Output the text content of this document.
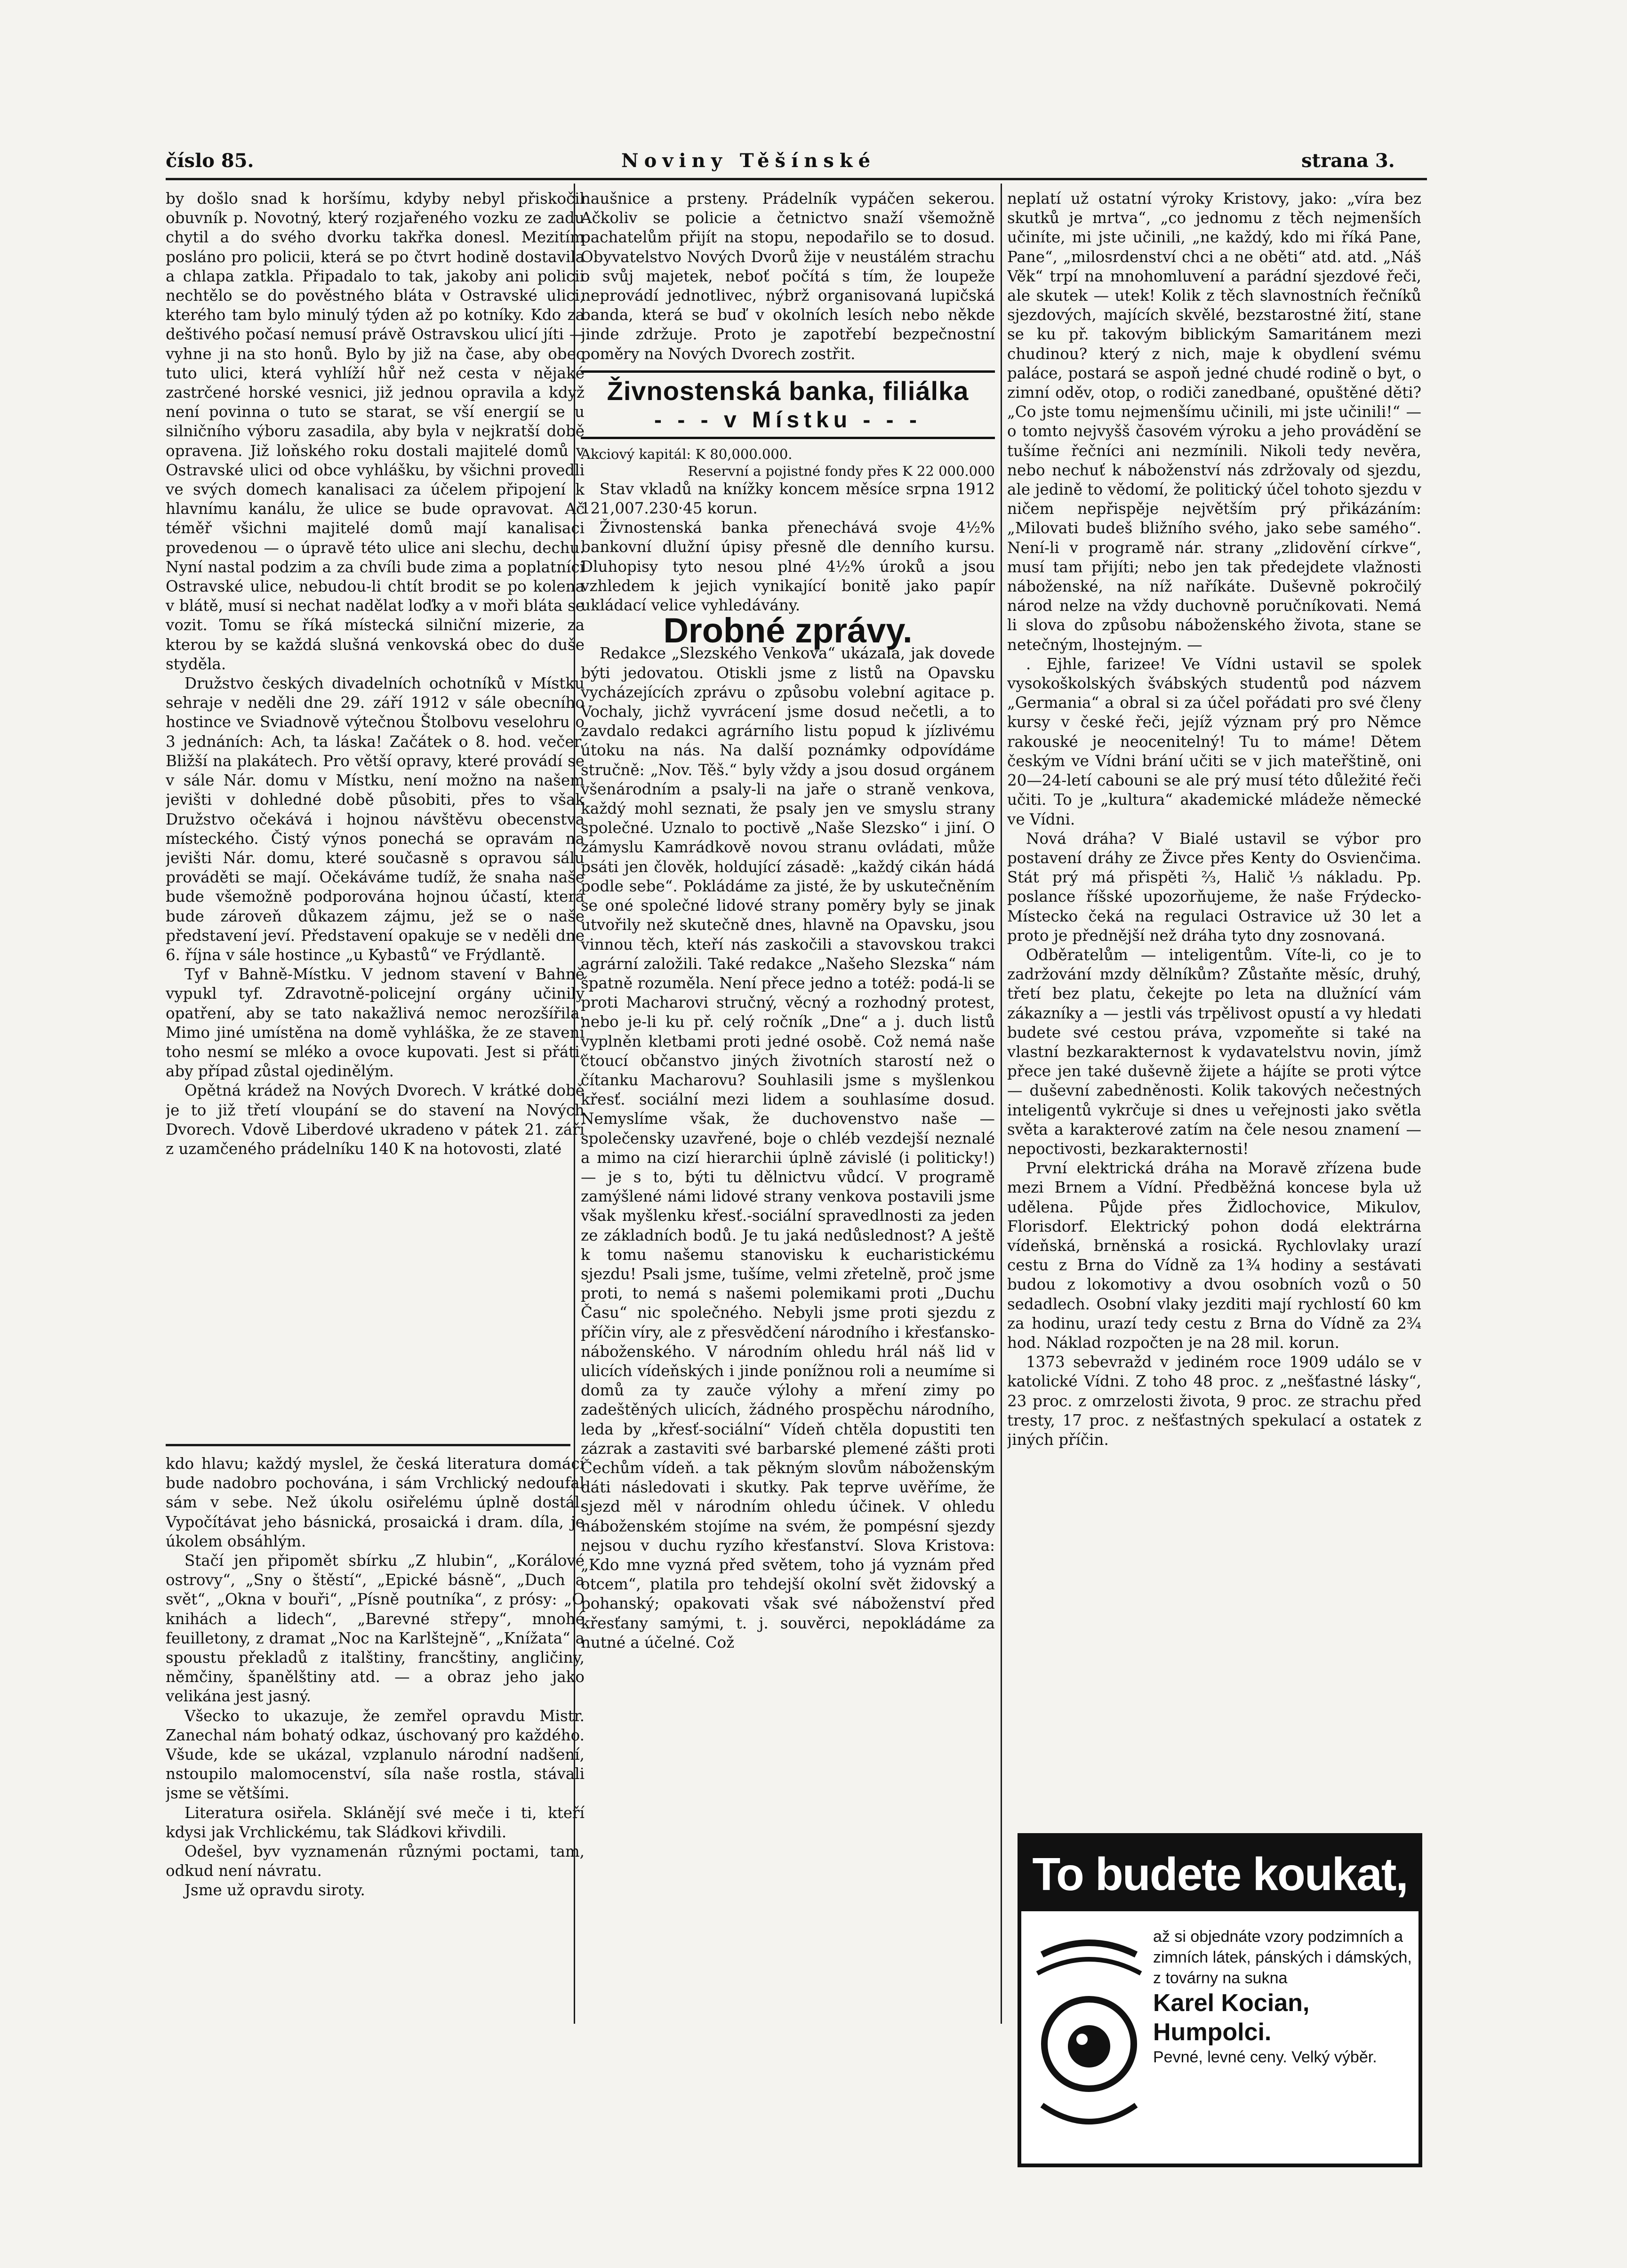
číslo 85.	Noviny Těšínské	strana 3.

by došlo snad k horšímu, kdyby nebyl přiskočil obuvník p. Novotný, který rozjařeného vozku ze zadu chytil a do svého dvorku takřka donesl. Mezitím posláno pro policii, která se po čtvrt hodině dostavila a chlapa zatkla. Připadalo to tak, jakoby ani policii nechtělo se do pověstného bláta v Ostravské ulici, kterého tam bylo minulý týden až po kotníky. Kdo za deštivého počasí nemusí právě Ostravskou ulicí jíti — vyhne ji na sto honů. Bylo by již na čase, aby obec tuto ulici, která vyhlíží hůř než cesta v nějaké zastrčené horské vesnici, již jednou opravila a když není povinna o tuto se starat, se vší energií se u silničního výboru zasadila, aby byla v nejkratší době opravena. Již loňského roku dostali majitelé domů v Ostravské ulici od obce vyhlášku, by všichni provedli ve svých domech kanalisaci za účelem připojení k hlavnímu kanálu, že ulice se bude opravovat. Ač téměř všichni majitelé domů mají kanalisaci provedenou — o úpravě této ulice ani slechu, dechu. Nyní nastal podzim a za chvíli bude zima a poplatníci Ostravské ulice, nebudou-li chtít brodit se po kolena v blátě, musí si nechat nadělat loďky a v moři bláta se vozit. Tomu se říká místecká silniční mizerie, za kterou by se každá slušná venkovská obec do duše styděla.

Družstvo českých divadelních ochotníků v Místku sehraje v neděli dne 29. září 1912 v sále obecního hostince ve Sviadnově výtečnou Štolbovu veselohru o 3 jednáních: Ach, ta láska! Začátek o 8. hod. večer. Bližší na plakátech. Pro větší opravy, které provádí se v sále Nár. domu v Místku, není možno na našem jevišti v dohledné době působiti, přes to však Družstvo očekává i hojnou návštěvu obecenstva místeckého. Čistý výnos ponechá se opravám na jevišti Nár. domu, které současně s opravou sálu prováděti se mají. Očekáváme tudíž, že snaha naše bude všemožně podporována hojnou účastí, která bude zároveň důkazem zájmu, jež se o naše představení jeví. Představení opakuje se v neděli dne 6. října v sále hostince „u Kybastů“ ve Frýdlantě.

Tyf v Bahně-Místku. V jednom stavení v Bahně vypukl tyf. Zdravotně-policejní orgány učinily opatření, aby se tato nakažlivá nemoc nerozšířila. Mimo jiné umístěna na domě vyhláška, že ze stavení toho nesmí se mléko a ovoce kupovati. Jest si přáti, aby případ zůstal ojedinělým.

Opětná krádež na Nových Dvorech. V krátké době je to již třetí vloupání se do stavení na Nových Dvorech. Vdově Liberdové ukradeno v pátek 21. září z uzamčeného prádelníku 140 K na hotovosti, zlaté

kdo hlavu; každý myslel, že česká literatura domácí bude nadobro pochována, i sám Vrchlický nedoufal sám v sebe. Než úkolu osiřelému úplně dostál. Vypočítávat jeho básnická, prosaická i dram. díla, je úkolem obsáhlým.

Stačí jen připomět sbírku „Z hlubin“, „Korálové ostrovy“, „Sny o štěstí“, „Epické básně“, „Duch a svět“, „Okna v bouři“, „Písně poutníka“, z prósy: „O knihách a lidech“, „Barevné střepy“, mnohé feuilletony, z dramat „Noc na Karlštejně“, „Knížata“ a spoustu překladů z italštiny, francštiny, angličiny, němčiny, španělštiny atd. — a obraz jeho jako velikána jest jasný.

Všecko to ukazuje, že zemřel opravdu Mistr. Zanechal nám bohatý odkaz, úschovaný pro každého. Všude, kde se ukázal, vzplanulo národní nadšení, nstoupilo malomocenství, síla naše rostla, stávali jsme se většími.

Literatura osiřela. Sklánějí své meče i ti, kteří kdysi jak Vrchlickému, tak Sládkovi křivdili.

Odešel, byv vyznamenán různými poctami, tam, odkud není návratu.

Jsme už opravdu siroty.

naušnice a prsteny. Prádelník vypáčen sekerou. Ačkoliv se policie a četnictvo snaží všemožně pachatelům přijít na stopu, nepodařilo se to dosud. Obyvatelstvo Nových Dvorů žije v neustálém strachu o svůj majetek, neboť počítá s tím, že loupeže neprovádí jednotlivec, nýbrž organisovaná lupičská banda, která se buď v okolních lesích nebo někde jinde zdržuje. Proto je zapotřebí bezpečnostní poměry na Nových Dvorech zostřit.

Živnostenská banka, filiálka
- - - v Místku - - -
Akciový kapitál: K 80,000.000.
Reservní a pojistné fondy přes K 22 000.000

Stav vkladů na knížky koncem měsíce srpna 1912 121,007.230·45 korun.

Živnostenská banka přenechává svoje 4½% bankovní dlužní úpisy přesně dle denního kursu. Dluhopisy tyto nesou plné 4½% úroků a jsou vzhledem k jejich vynikající bonitě jako papír ukládací velice vyhledávány.

Drobné zprávy.

Redakce „Slezského Venkova“ ukázala, jak dovede býti jedovatou. Otiskli jsme z listů na Opavsku vycházejících zprávu o způsobu volební agitace p. Vochaly, jichž vyvrácení jsme dosud nečetli, a to zavdalo redakci agrárního listu popud k jízlivému útoku na nás. Na další poznámky odpovídáme stručně: „Nov. Těš.“ byly vždy a jsou dosud orgánem všenárodním a psaly-li na jaře o straně venkova, každý mohl seznati, že psaly jen ve smyslu strany společné. Uznalo to poctivě „Naše Slezsko“ i jiní. O zámyslu Kamrádkově novou stranu ovládati, může psáti jen člověk, holdující zásadě: „každý cikán hádá podle sebe“. Pokládáme za jisté, že by uskutečněním se oné společné lidové strany poměry byly se jinak utvořily než skutečně dnes, hlavně na Opavsku, jsou vinnou těch, kteří nás zaskočili a stavovskou trakci agrární založili. Také redakce „Našeho Slezska“ nám špatně rozuměla. Není přece jedno a totéž: podá-li se proti Macharovi stručný, věcný a rozhodný protest, nebo je-li ku př. celý ročník „Dne“ a j. duch listů vyplněn kletbami proti jedné osobě. Což nemá naše čtoucí občanstvo jiných životních starostí než o čítanku Macharovu? Souhlasili jsme s myšlenkou křesť. sociální mezi lidem a souhlasíme dosud. Nemyslíme však, že duchovenstvo naše — společensky uzavřené, boje o chléb vezdejší neznalé a mimo na cizí hierarchii úplně závislé (i politicky!) — je s to, býti tu dělnictvu vůdcí. V programě zamýšlené námi lidové strany venkova postavili jsme však myšlenku křesť.-sociální spravedlnosti za jeden ze základních bodů. Je tu jaká nedůslednost? A ještě k tomu našemu stanovisku k eucharistickému sjezdu! Psali jsme, tušíme, velmi zřetelně, proč jsme proti, to nemá s našemi polemikami proti „Duchu Času“ nic společného. Nebyli jsme proti sjezdu z příčin víry, ale z přesvědčení národního i křesťansko-náboženského. V národním ohledu hrál náš lid v ulicích vídeňských i jinde ponížnou roli a neumíme si domů za ty zauče výlohy a mření zimy po zadeštěných ulicích, žádného prospěchu národního, leda by „křesť-sociální“ Vídeň chtěla dopustiti ten zázrak a zastaviti své barbarské plemené zášti proti Čechům vídeň. a tak pěkným slovům náboženským dáti následovati i skutky. Pak teprve uvěříme, že sjezd měl v národním ohledu účinek. V ohledu náboženském stojíme na svém, že pompésní sjezdy nejsou v duchu ryzího křesťanství. Slova Kristova: „Kdo mne vyzná před světem, toho já vyznám před otcem“, platila pro tehdejší okolní svět židovský a pohanský; opakovati však své náboženství před křesťany samými, t. j. souvěrci, nepokládáme za nutné a účelné. Což

neplatí už ostatní výroky Kristovy, jako: „víra bez skutků je mrtva“, „co jednomu z těch nejmenších učiníte, mi jste učinili, „ne každý, kdo mi říká Pane, Pane“, „milosrdenství chci a ne oběti“ atd. atd. „Náš Věk“ trpí na mnohomluvení a parádní sjezdové řeči, ale skutek — utek! Kolik z těch slavnostních řečníků sjezdových, majících skvělé, bezstarostné žití, stane se ku př. takovým biblickým Samaritánem mezi chudinou? který z nich, maje k obydlení svému paláce, postará se aspoň jedné chudé rodině o byt, o zimní oděv, otop, o rodiči zanedbané, opuštěné děti? „Co jste tomu nejmenšímu učinili, mi jste učinili!“ — o tomto nejvyšš časovém výroku a jeho provádění se tušíme řečníci ani nezmínili. Nikoli tedy nevěra, nebo nechuť k náboženství nás zdržovaly od sjezdu, ale jedině to vědomí, že politický účel tohoto sjezdu v ničem nepřispěje největším prý přikázáním: „Milovati budeš bližního svého, jako sebe samého“. Není-li v programě nár. strany „zlidovění církve“, musí tam přijíti; nebo jen tak předejdete vlažnosti náboženské, na níž naříkáte. Duševně pokročilý národ nelze na vždy duchovně poručníkovati. Nemá li slova do způsobu náboženského života, stane se netečným, lhostejným. —

. Ejhle, farizee! Ve Vídni ustavil se spolek vysokoškolských švábských studentů pod názvem „Germania“ a obral si za účel pořádati pro své členy kursy v české řeči, jejíž význam prý pro Němce rakouské je neocenitelný! Tu to máme! Dětem českým ve Vídni brání učiti se v jich mateřštině, oni 20—24-letí cabouni se ale prý musí této důležité řeči učiti. To je „kultura“ akademické mládeže německé ve Vídni.

Nová dráha? V Bialé ustavil se výbor pro postavení dráhy ze Živce přes Kenty do Osvienčima. Stát prý má přispěti ⅔, Halič ⅓ nákladu. Pp. poslance říšské upozorňujeme, že naše Frýdecko-Místecko čeká na regulaci Ostravice už 30 let a proto je přednější než dráha tyto dny zosnovaná.

Odběratelům — inteligentům. Víte-li, co je to zadržování mzdy dělníkům? Zůstaňte měsíc, druhý, třetí bez platu, čekejte po leta na dlužnící vám zákazníky a — jestli vás trpělivost opustí a vy hledati budete své cestou práva, vzpomeňte si také na vlastní bezkarakternost k vydavatelstvu novin, jímž přece jen také duševně žijete a hájíte se proti výtce — duševní zabedněnosti. Kolik takových nečestných inteligentů vykrčuje si dnes u veřejnosti jako světla světa a karakterové zatím na čele nesou znamení — nepoctivosti, bezkarakternosti!

První elektrická dráha na Moravě zřízena bude mezi Brnem a Vídní. Předběžná koncese byla už udělena. Půjde přes Židlochovice, Mikulov, Florisdorf. Elektrický pohon dodá elektrárna vídeňská, brněnská a rosická. Rychlovlaky urazí cestu z Brna do Vídně za 1¾ hodiny a sestávati budou z lokomotivy a dvou osobních vozů o 50 sedadlech. Osobní vlaky jezditi mají rychlostí 60 km za hodinu, urazí tedy cestu z Brna do Vídně za 2¾ hod. Náklad rozpočten je na 28 mil. korun.

1373 sebevražd v jediném roce 1909 událo se v katolické Vídni. Z toho 48 proc. z „nešťastné lásky“, 23 proc. z omrzelosti života, 9 proc. ze strachu před tresty, 17 proc. z nešťastných spekulací a ostatek z jiných příčin.

To budete koukat,
až si objednáte vzory podzimních a zimních látek, pánských i dámských, z továrny na sukna
Karel Kocian, Humpolci.
Pevné, levné ceny. Velký výběr.
